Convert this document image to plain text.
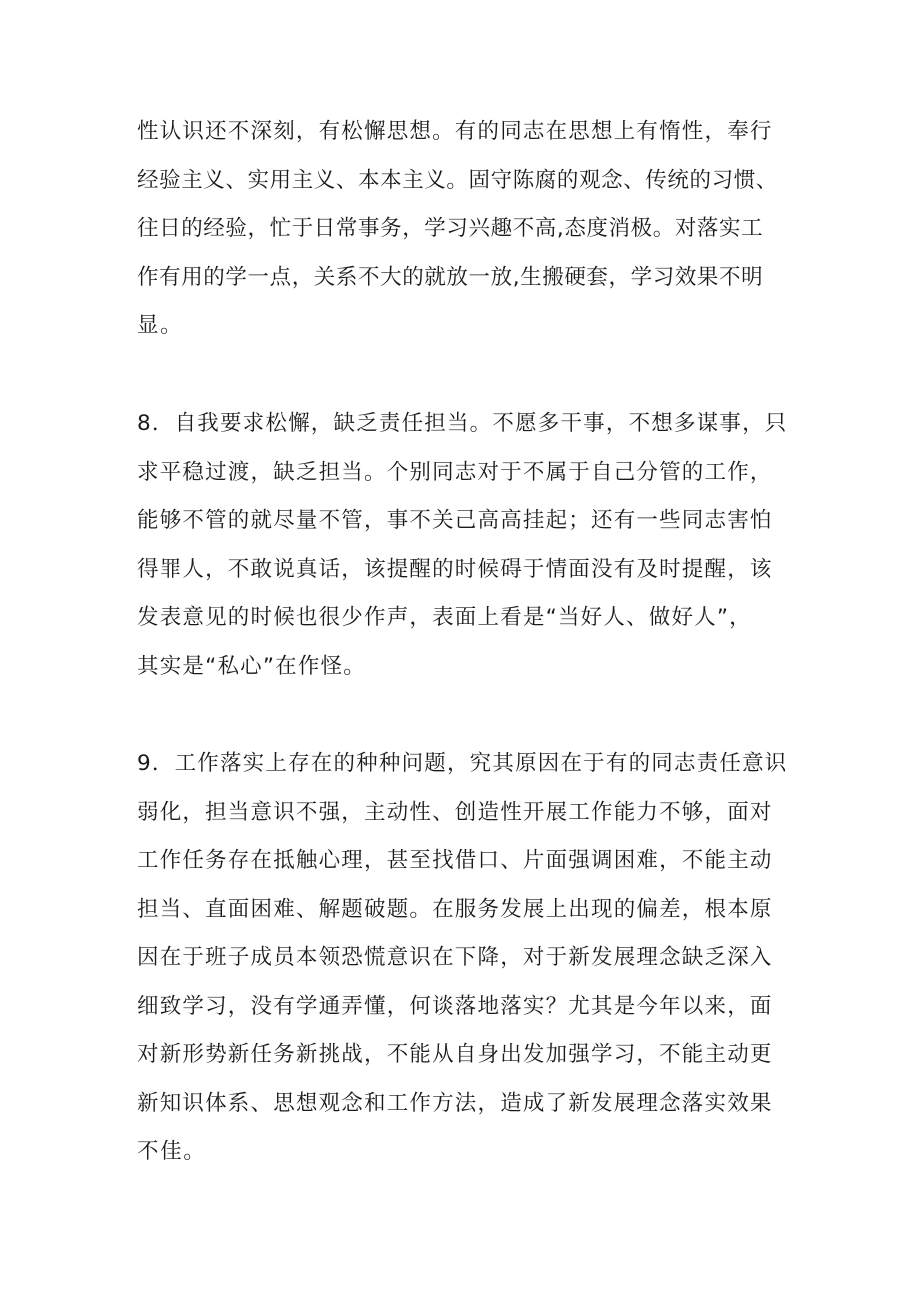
性认识还不深刻，有松懈思想。有的同志在思想上有惰性，奉行
经验主义、实用主义、本本主义。固守陈腐的观念、传统的习惯、
往日的经验，忙于日常事务，学习兴趣不高,态度消极。对落实工
作有用的学一点，关系不大的就放一放,生搬硬套，学习效果不明
显。
8．自我要求松懈，缺乏责任担当。不愿多干事，不想多谋事，只
求平稳过渡，缺乏担当。个别同志对于不属于自己分管的工作，
能够不管的就尽量不管，事不关己高高挂起；还有一些同志害怕
得罪人，不敢说真话，该提醒的时候碍于情面没有及时提醒，该
发表意见的时候也很少作声，表面上看是“当好人、做好人”，
其实是“私心”在作怪。
9．工作落实上存在的种种问题，究其原因在于有的同志责任意识
弱化，担当意识不强，主动性、创造性开展工作能力不够，面对
工作任务存在抵触心理，甚至找借口、片面强调困难，不能主动
担当、直面困难、解题破题。在服务发展上出现的偏差，根本原
因在于班子成员本领恐慌意识在下降，对于新发展理念缺乏深入
细致学习，没有学通弄懂，何谈落地落实？尤其是今年以来，面
对新形势新任务新挑战，不能从自身出发加强学习，不能主动更
新知识体系、思想观念和工作方法，造成了新发展理念落实效果
不佳。
